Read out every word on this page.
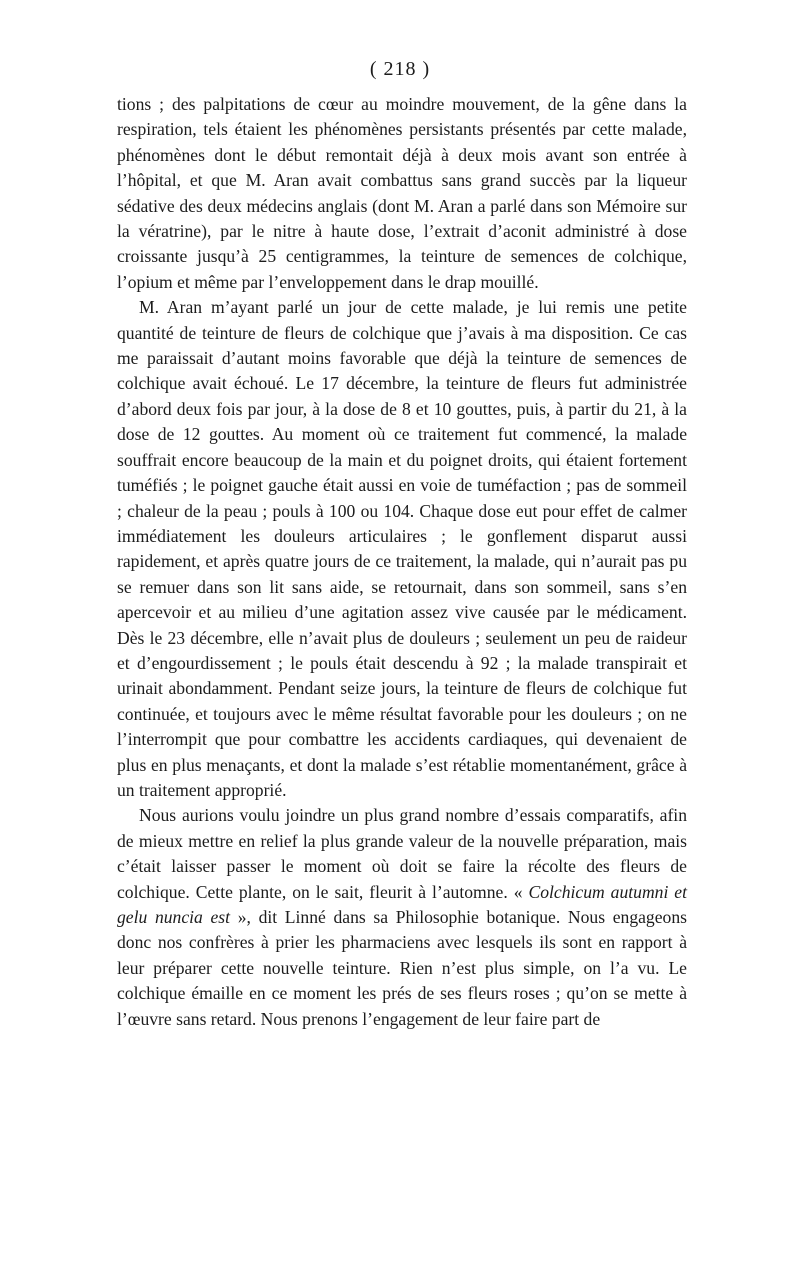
( 218 )

tions ; des palpitations de cœur au moindre mouvement, de la gêne dans la respiration, tels étaient les phénomènes persistants présentés par cette malade, phénomènes dont le début remontait déjà à deux mois avant son entrée à l’hôpital, et que M. Aran avait combattus sans grand succès par la liqueur sédative des deux médecins anglais (dont M. Aran a parlé dans son Mémoire sur la vératrine), par le nitre à haute dose, l’extrait d’aconit administré à dose croissante jusqu’à 25 centigrammes, la teinture de semences de colchique, l’opium et même par l’enveloppement dans le drap mouillé.

M. Aran m’ayant parlé un jour de cette malade, je lui remis une petite quantité de teinture de fleurs de colchique que j’avais à ma disposition. Ce cas me paraissait d’autant moins favorable que déjà la teinture de semences de colchique avait échoué. Le 17 décembre, la teinture de fleurs fut administrée d’abord deux fois par jour, à la dose de 8 et 10 gouttes, puis, à partir du 21, à la dose de 12 gouttes. Au moment où ce traitement fut commencé, la malade souffrait encore beaucoup de la main et du poignet droits, qui étaient fortement tuméfiés ; le poignet gauche était aussi en voie de tuméfaction ; pas de sommeil ; chaleur de la peau ; pouls à 100 ou 104. Chaque dose eut pour effet de calmer immédiatement les douleurs articulaires ; le gonflement disparut aussi rapidement, et après quatre jours de ce traitement, la malade, qui n’aurait pas pu se remuer dans son lit sans aide, se retournait, dans son sommeil, sans s’en apercevoir et au milieu d’une agitation assez vive causée par le médicament. Dès le 23 décembre, elle n’avait plus de douleurs ; seulement un peu de raideur et d’engourdissement ; le pouls était descendu à 92 ; la malade transpirait et urinait abondamment. Pendant seize jours, la teinture de fleurs de colchique fut continuée, et toujours avec le même résultat favorable pour les douleurs ; on ne l’interrompit que pour combattre les accidents cardiaques, qui devenaient de plus en plus menaçants, et dont la malade s’est rétablie momentanément, grâce à un traitement approprié.

Nous aurions voulu joindre un plus grand nombre d’essais comparatifs, afin de mieux mettre en relief la plus grande valeur de la nouvelle préparation, mais c’était laisser passer le moment où doit se faire la récolte des fleurs de colchique. Cette plante, on le sait, fleurit à l’automne. « Colchicum autumni et gelu nuncia est », dit Linné dans sa Philosophie botanique. Nous engageons donc nos confrères à prier les pharmaciens avec lesquels ils sont en rapport à leur préparer cette nouvelle teinture. Rien n’est plus simple, on l’a vu. Le colchique émaille en ce moment les prés de ses fleurs roses ; qu’on se mette à l’œuvre sans retard. Nous prenons l’engagement de leur faire part de
